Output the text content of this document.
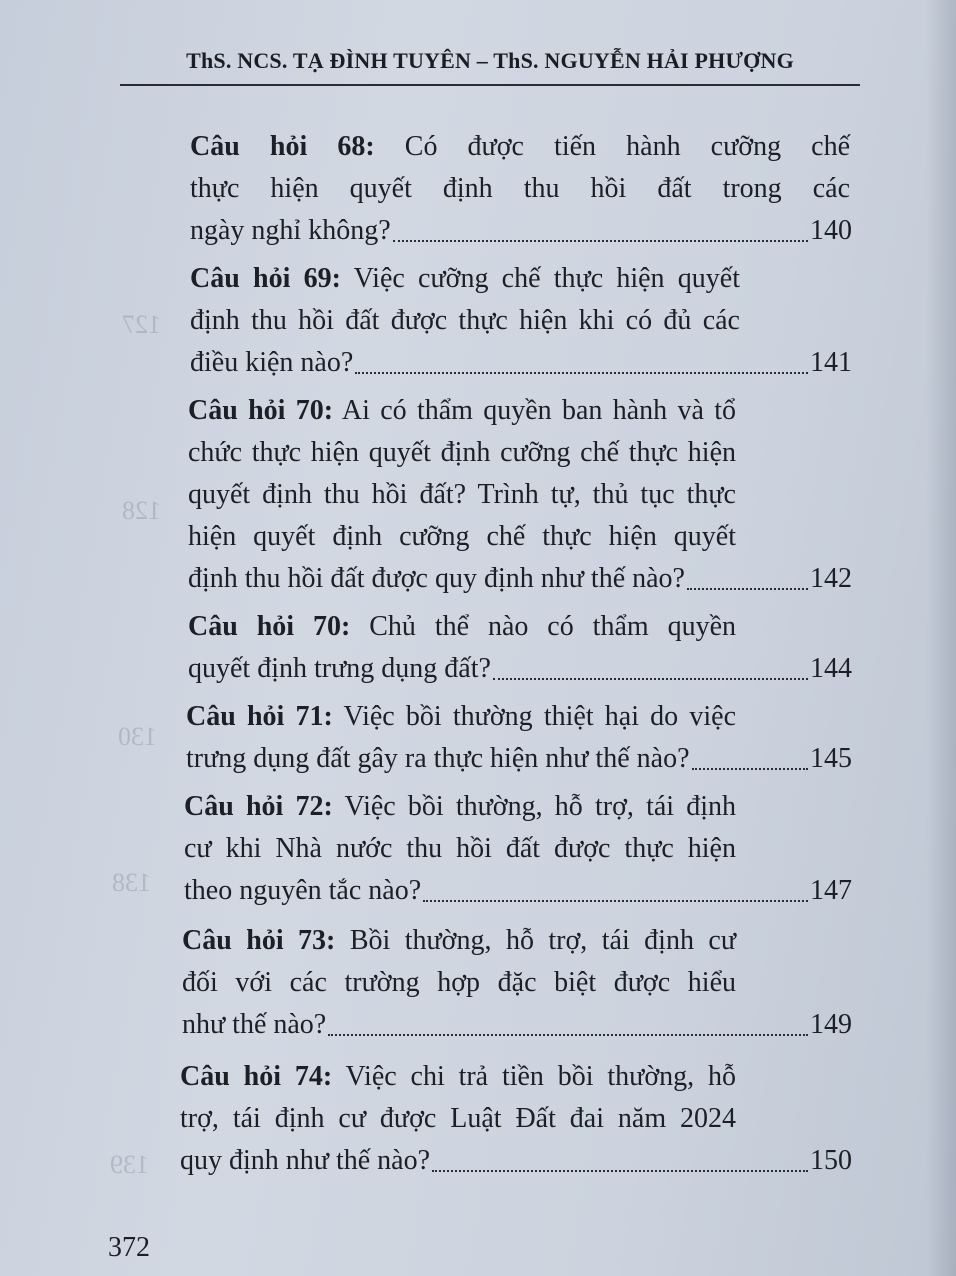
127
128
130
138
139
ThS. NCS. TẠ ĐÌNH TUYÊN – ThS. NGUYỄN HẢI PHƯỢNG
Câu hỏi 68: Có được tiến hành cưỡng chế
thực hiện quyết định thu hồi đất trong các
ngày nghỉ không?	140
Câu hỏi 69: Việc cưỡng chế thực hiện quyết
định thu hồi đất được thực hiện khi có đủ các
điều kiện nào?	141
Câu hỏi 70: Ai có thẩm quyền ban hành và tổ
chức thực hiện quyết định cưỡng chế thực hiện
quyết định thu hồi đất? Trình tự, thủ tục thực
hiện quyết định cưỡng chế thực hiện quyết
định thu hồi đất được quy định như thế nào?	142
Câu hỏi 70: Chủ thể nào có thẩm quyền
quyết định trưng dụng đất?	144
Câu hỏi 71: Việc bồi thường thiệt hại do việc
trưng dụng đất gây ra thực hiện như thế nào?	145
Câu hỏi 72: Việc bồi thường, hỗ trợ, tái định
cư khi Nhà nước thu hồi đất được thực hiện
theo nguyên tắc nào?	147
Câu hỏi 73: Bồi thường, hỗ trợ, tái định cư
đối với các trường hợp đặc biệt được hiểu
như thế nào?	149
Câu hỏi 74: Việc chi trả tiền bồi thường, hỗ
trợ, tái định cư được Luật Đất đai năm 2024
quy định như thế nào?	150
372
